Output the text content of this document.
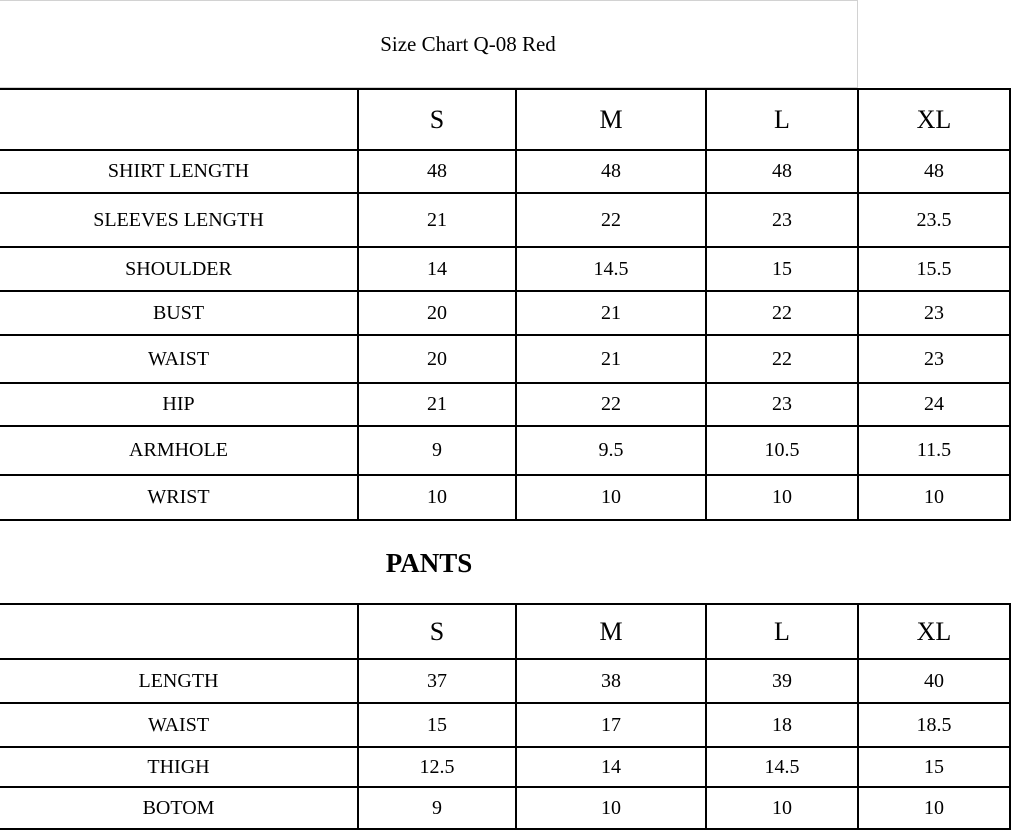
Size Chart Q-08 Red
	S	M	L	XL
SHIRT LENGTH	48	48	48	48
SLEEVES LENGTH	21	22	23	23.5
SHOULDER	14	14.5	15	15.5
BUST	20	21	22	23
WAIST	20	21	22	23
HIP	21	22	23	24
ARMHOLE	9	9.5	10.5	11.5
WRIST	10	10	10	10
PANTS
	S	M	L	XL
LENGTH	37	38	39	40
WAIST	15	17	18	18.5
THIGH	12.5	14	14.5	15
BOTOM	9	10	10	10
